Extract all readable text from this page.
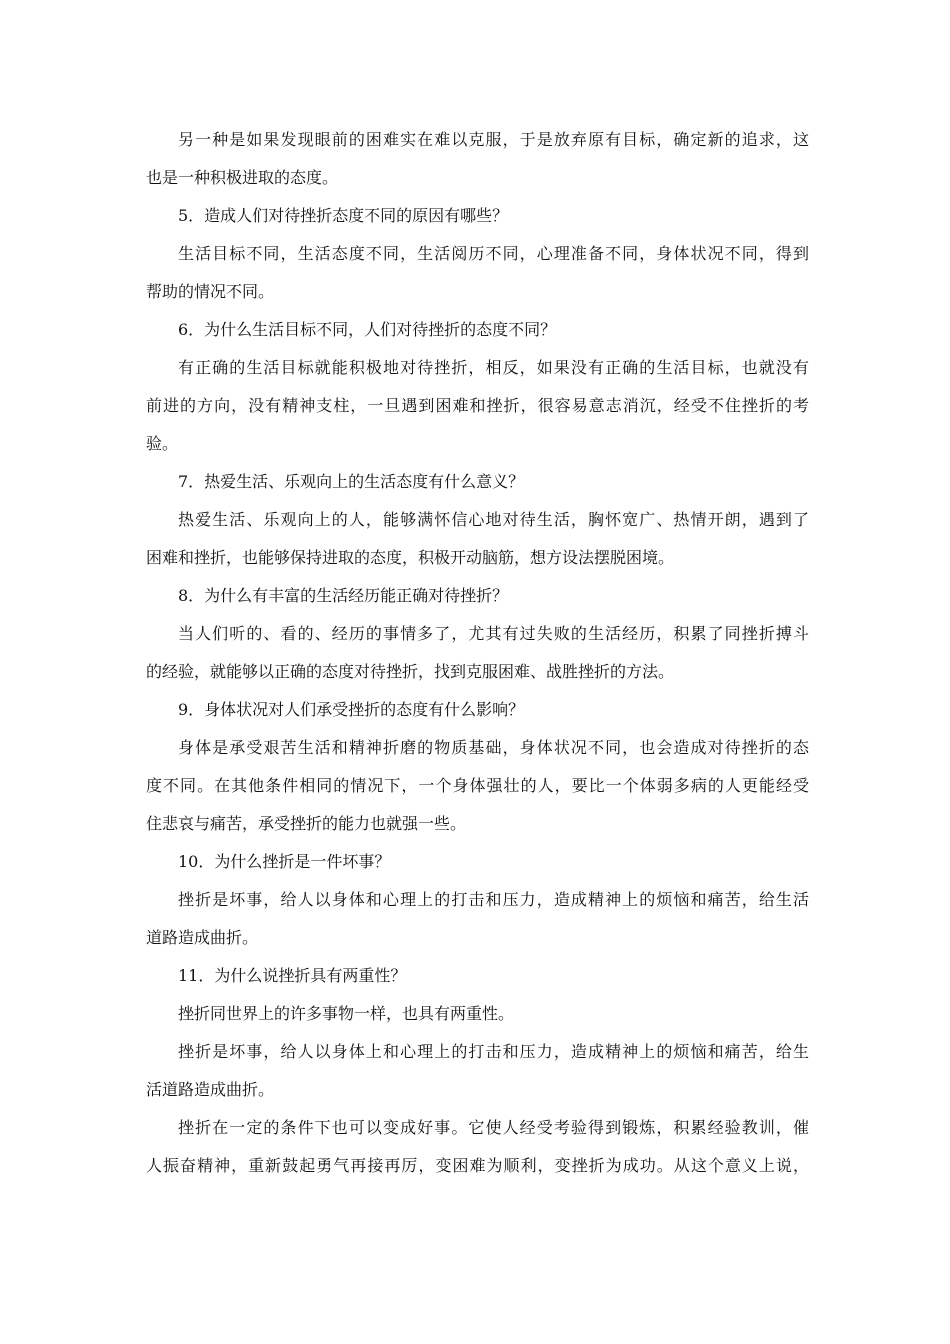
另一种是如果发现眼前的困难实在难以克服，于是放弃原有目标，确定新的追求，这
也是一种积极进取的态度。
5．造成人们对待挫折态度不同的原因有哪些？
生活目标不同，生活态度不同，生活阅历不同，心理准备不同，身体状况不同，得到
帮助的情况不同。
6．为什么生活目标不同，人们对待挫折的态度不同？
有正确的生活目标就能积极地对待挫折，相反，如果没有正确的生活目标，也就没有
前进的方向，没有精神支柱，一旦遇到困难和挫折，很容易意志消沉，经受不住挫折的考
验。
7．热爱生活、乐观向上的生活态度有什么意义？
热爱生活、乐观向上的人，能够满怀信心地对待生活，胸怀宽广、热情开朗，遇到了
困难和挫折，也能够保持进取的态度，积极开动脑筋，想方设法摆脱困境。
8．为什么有丰富的生活经历能正确对待挫折？
当人们听的、看的、经历的事情多了，尤其有过失败的生活经历，积累了同挫折搏斗
的经验，就能够以正确的态度对待挫折，找到克服困难、战胜挫折的方法。
9．身体状况对人们承受挫折的态度有什么影响？
身体是承受艰苦生活和精神折磨的物质基础，身体状况不同，也会造成对待挫折的态
度不同。在其他条件相同的情况下，一个身体强壮的人，要比一个体弱多病的人更能经受
住悲哀与痛苦，承受挫折的能力也就强一些。
10．为什么挫折是一件坏事？
挫折是坏事，给人以身体和心理上的打击和压力，造成精神上的烦恼和痛苦，给生活
道路造成曲折。
11．为什么说挫折具有两重性？
挫折同世界上的许多事物一样，也具有两重性。
挫折是坏事，给人以身体上和心理上的打击和压力，造成精神上的烦恼和痛苦，给生
活道路造成曲折。
挫折在一定的条件下也可以变成好事。它使人经受考验得到锻炼，积累经验教训，催
人振奋精神，重新鼓起勇气再接再厉，变困难为顺利，变挫折为成功。从这个意义上说，
